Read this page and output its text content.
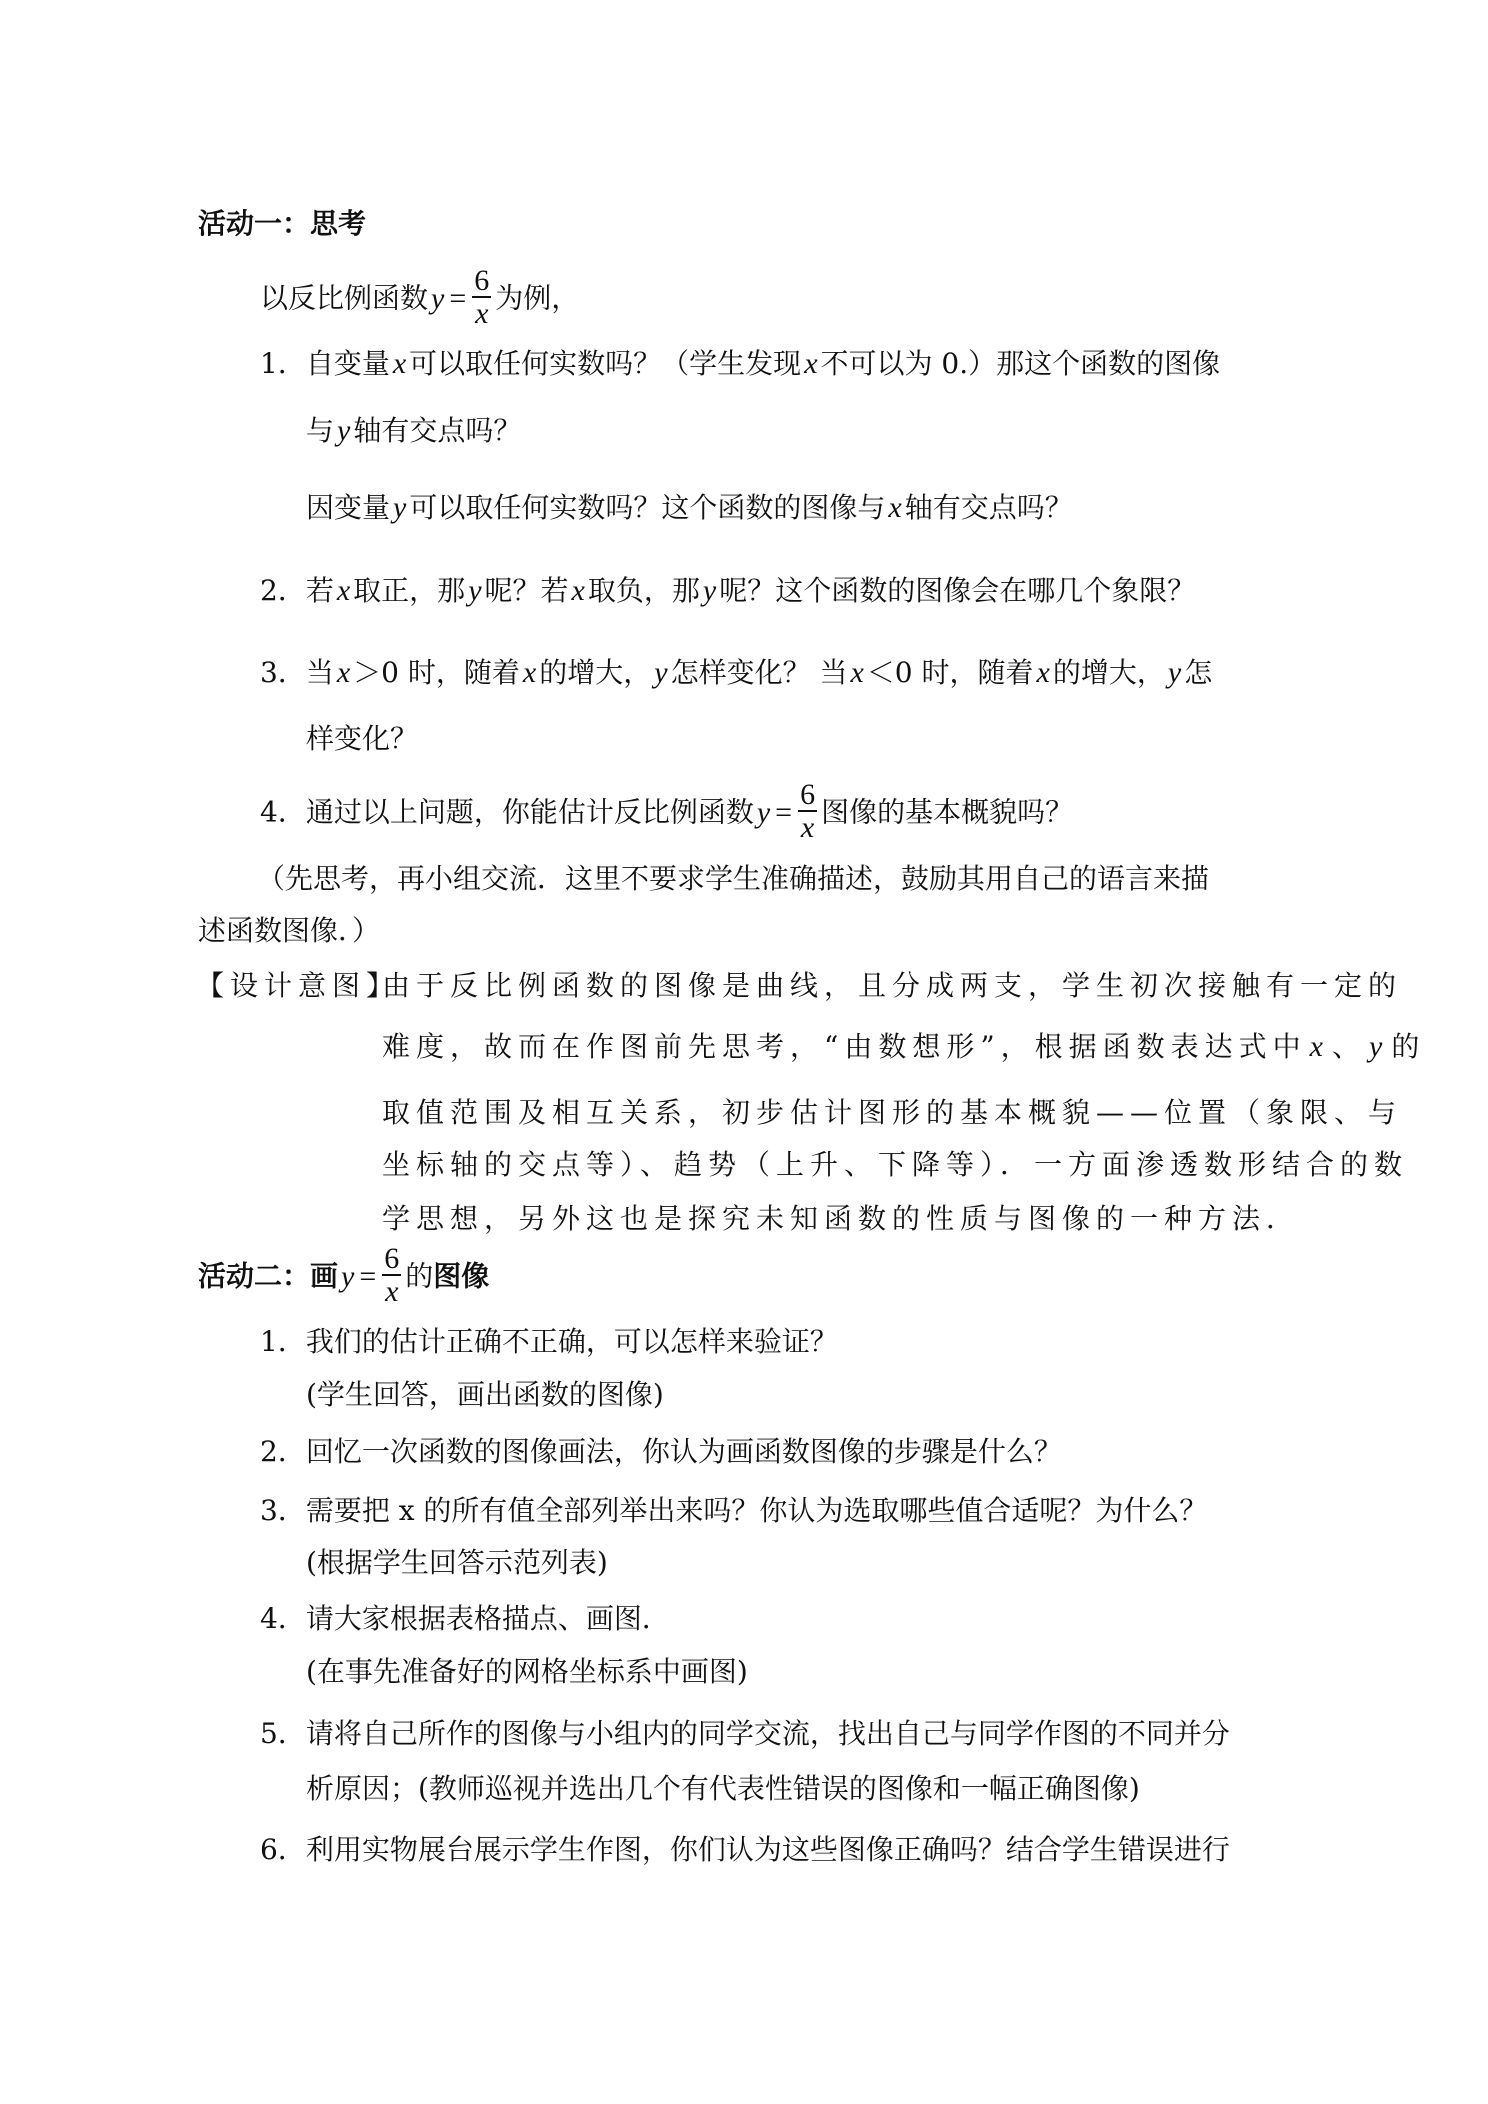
活动一：思考
以反比例函数 $y = \frac{6}{x}$ 为例，
1．自变量 x 可以取任何实数吗？（学生发现 x 不可以为 0.）那这个函数的图像
与 y 轴有交点吗？
因变量 y 可以取任何实数吗？这个函数的图像与 x 轴有交点吗？
2．若 x 取正，那 y 呢？若 x 取负，那 y 呢？这个函数的图像会在哪几个象限？
3．当 x ＞0 时，随着 x 的增大， y 怎样变化？ 当 x ＜0 时，随着 x 的增大， y 怎
样变化？
4．通过以上问题，你能估计反比例函数 $y = \frac{6}{x}$ 图像的基本概貌吗？
（先思考，再小组交流．这里不要求学生准确描述，鼓励其用自己的语言来描
述函数图像．）
【设计意图】
由于反比例函数的图像是曲线，且分成两支，学生初次接触有一定的
难度，故而在作图前先思考，“由数想形”，根据函数表达式中 x 、 y 的
取值范围及相互关系，初步估计图形的基本概貌——位置（象限、与
坐标轴的交点等）、趋势（上升、下降等）．一方面渗透数形结合的数
学思想，另外这也是探究未知函数的性质与图像的一种方法．
活动二：画 $y = \frac{6}{x}$ 的图像
1．我们的估计正确不正确，可以怎样来验证？
(学生回答，画出函数的图像)
2．回忆一次函数的图像画法，你认为画函数图像的步骤是什么？
3．需要把 x 的所有值全部列举出来吗？你认为选取哪些值合适呢？为什么？
(根据学生回答示范列表)
4．请大家根据表格描点、画图．
(在事先准备好的网格坐标系中画图)
5．请将自己所作的图像与小组内的同学交流，找出自己与同学作图的不同并分
析原因；(教师巡视并选出几个有代表性错误的图像和一幅正确图像)
6．利用实物展台展示学生作图，你们认为这些图像正确吗？结合学生错误进行
